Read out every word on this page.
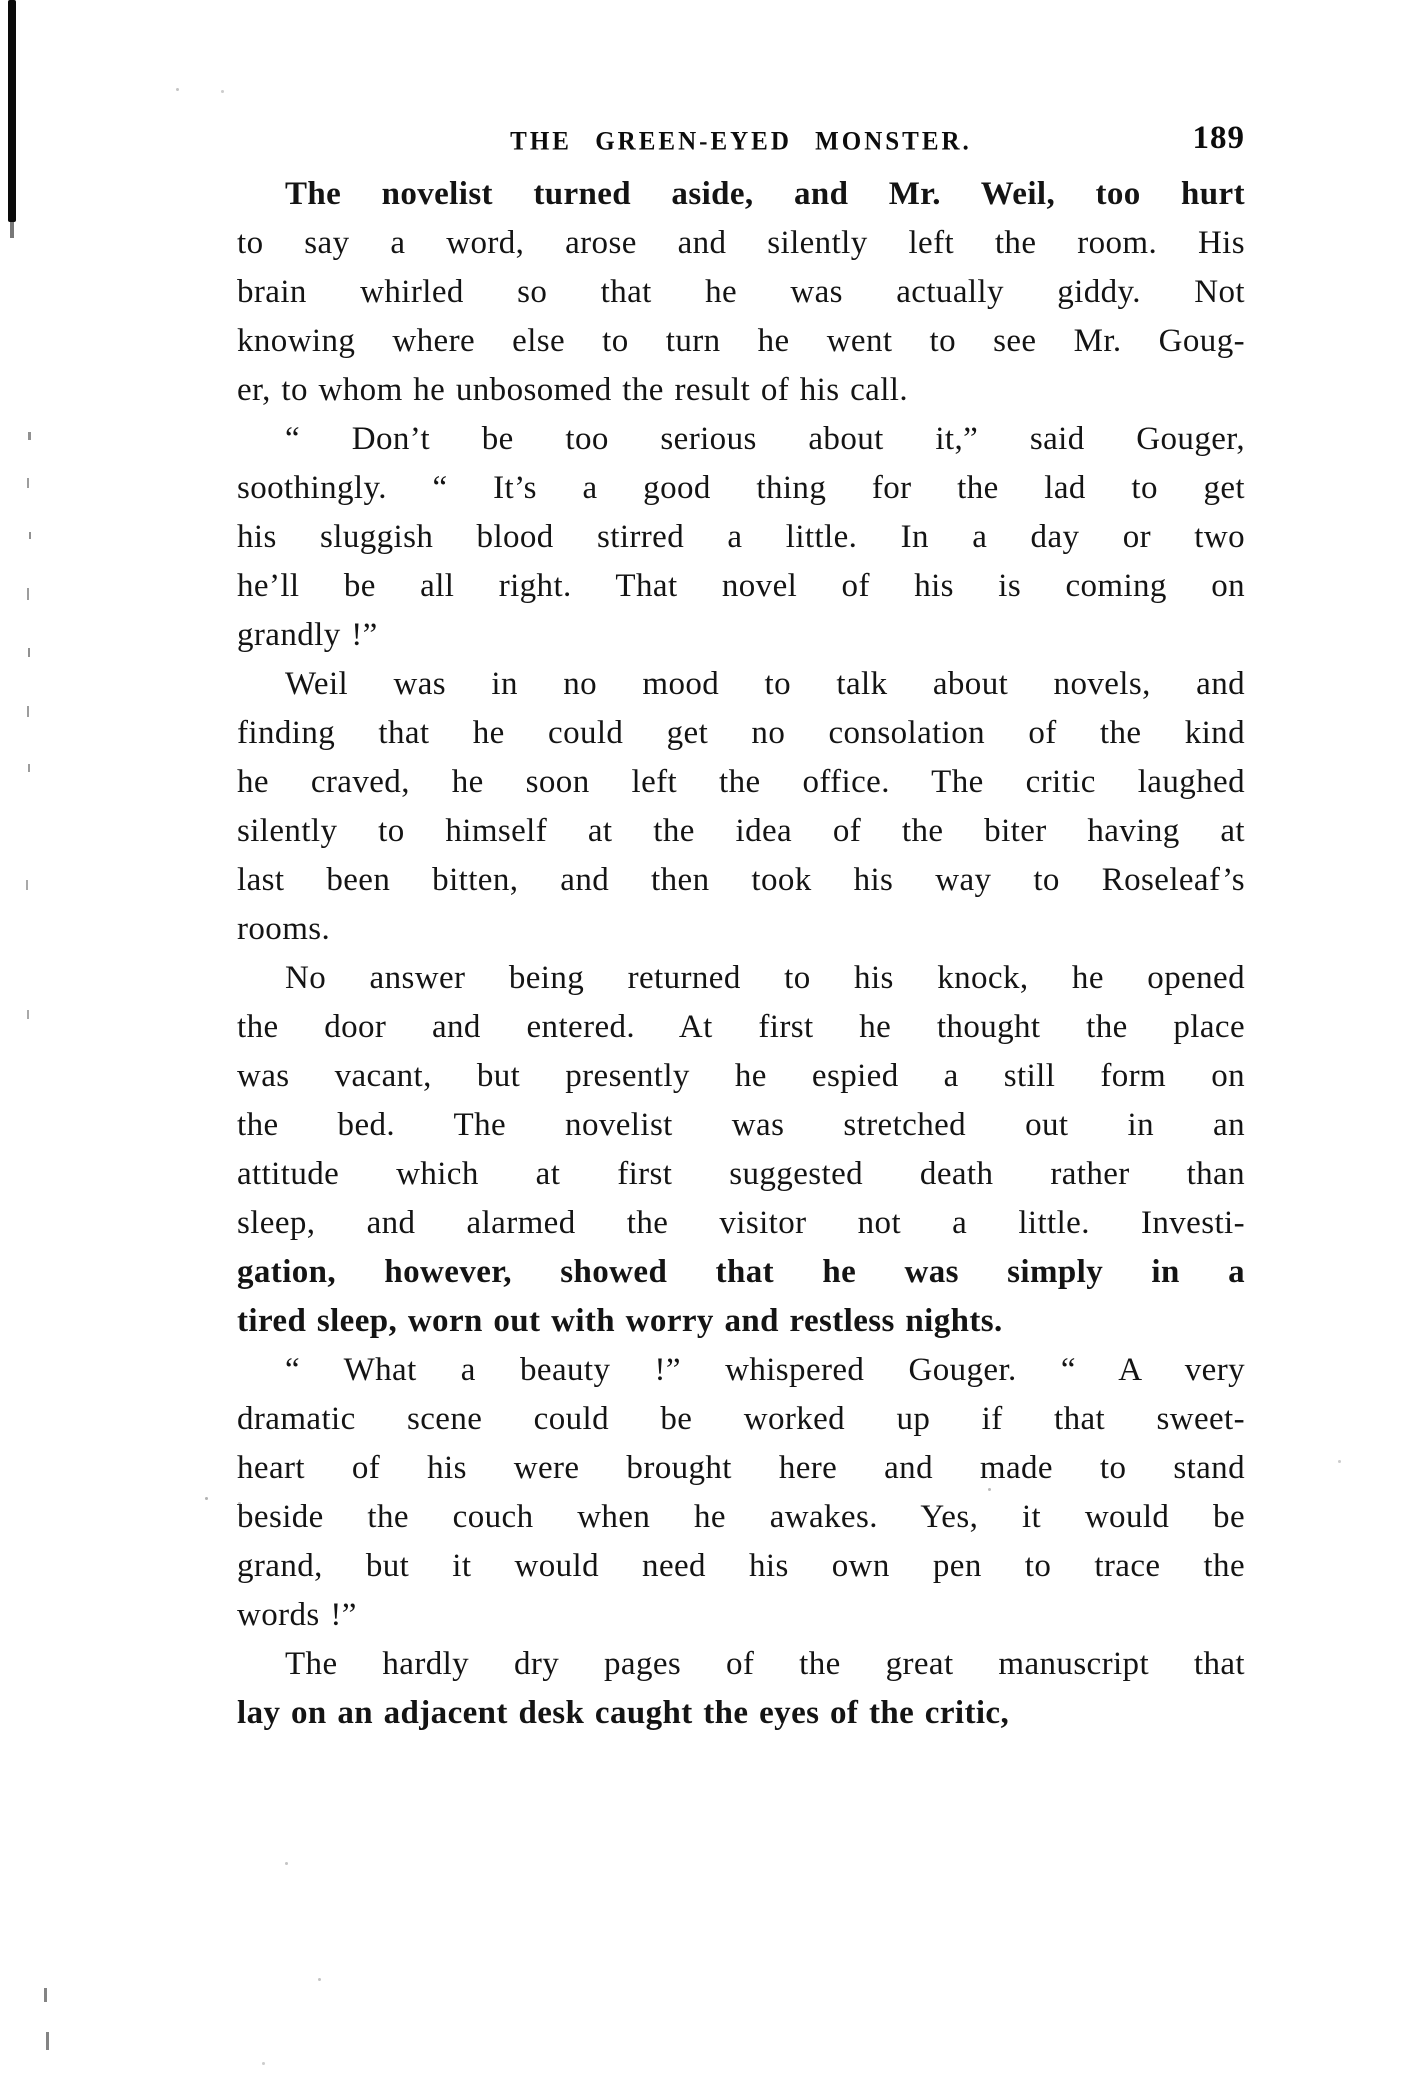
THE GREEN-EYED MONSTER.	189
The novelist turned aside, and Mr. Weil, too hurt
to say a word, arose and silently left the room. His
brain whirled so that he was actually giddy. Not
knowing where else to turn he went to see Mr. Goug-
er, to whom he unbosomed the result of his call.
“ Don’t be too serious about it,” said Gouger,
soothingly. “ It’s a good thing for the lad to get
his sluggish blood stirred a little. In a day or two
he’ll be all right. That novel of his is coming on
grandly !”
Weil was in no mood to talk about novels, and
finding that he could get no consolation of the kind
he craved, he soon left the office. The critic laughed
silently to himself at the idea of the biter having at
last been bitten, and then took his way to Roseleaf’s
rooms.
No answer being returned to his knock, he opened
the door and entered. At first he thought the place
was vacant, but presently he espied a still form on
the bed. The novelist was stretched out in an
attitude which at first suggested death rather than
sleep, and alarmed the visitor not a little. Investi-
gation, however, showed that he was simply in a
tired sleep, worn out with worry and restless nights.
“ What a beauty !” whispered Gouger. “ A very
dramatic scene could be worked up if that sweet-
heart of his were brought here and made to stand
beside the couch when he awakes. Yes, it would be
grand, but it would need his own pen to trace the
words !”
The hardly dry pages of the great manuscript that
lay on an adjacent desk caught the eyes of the critic,
